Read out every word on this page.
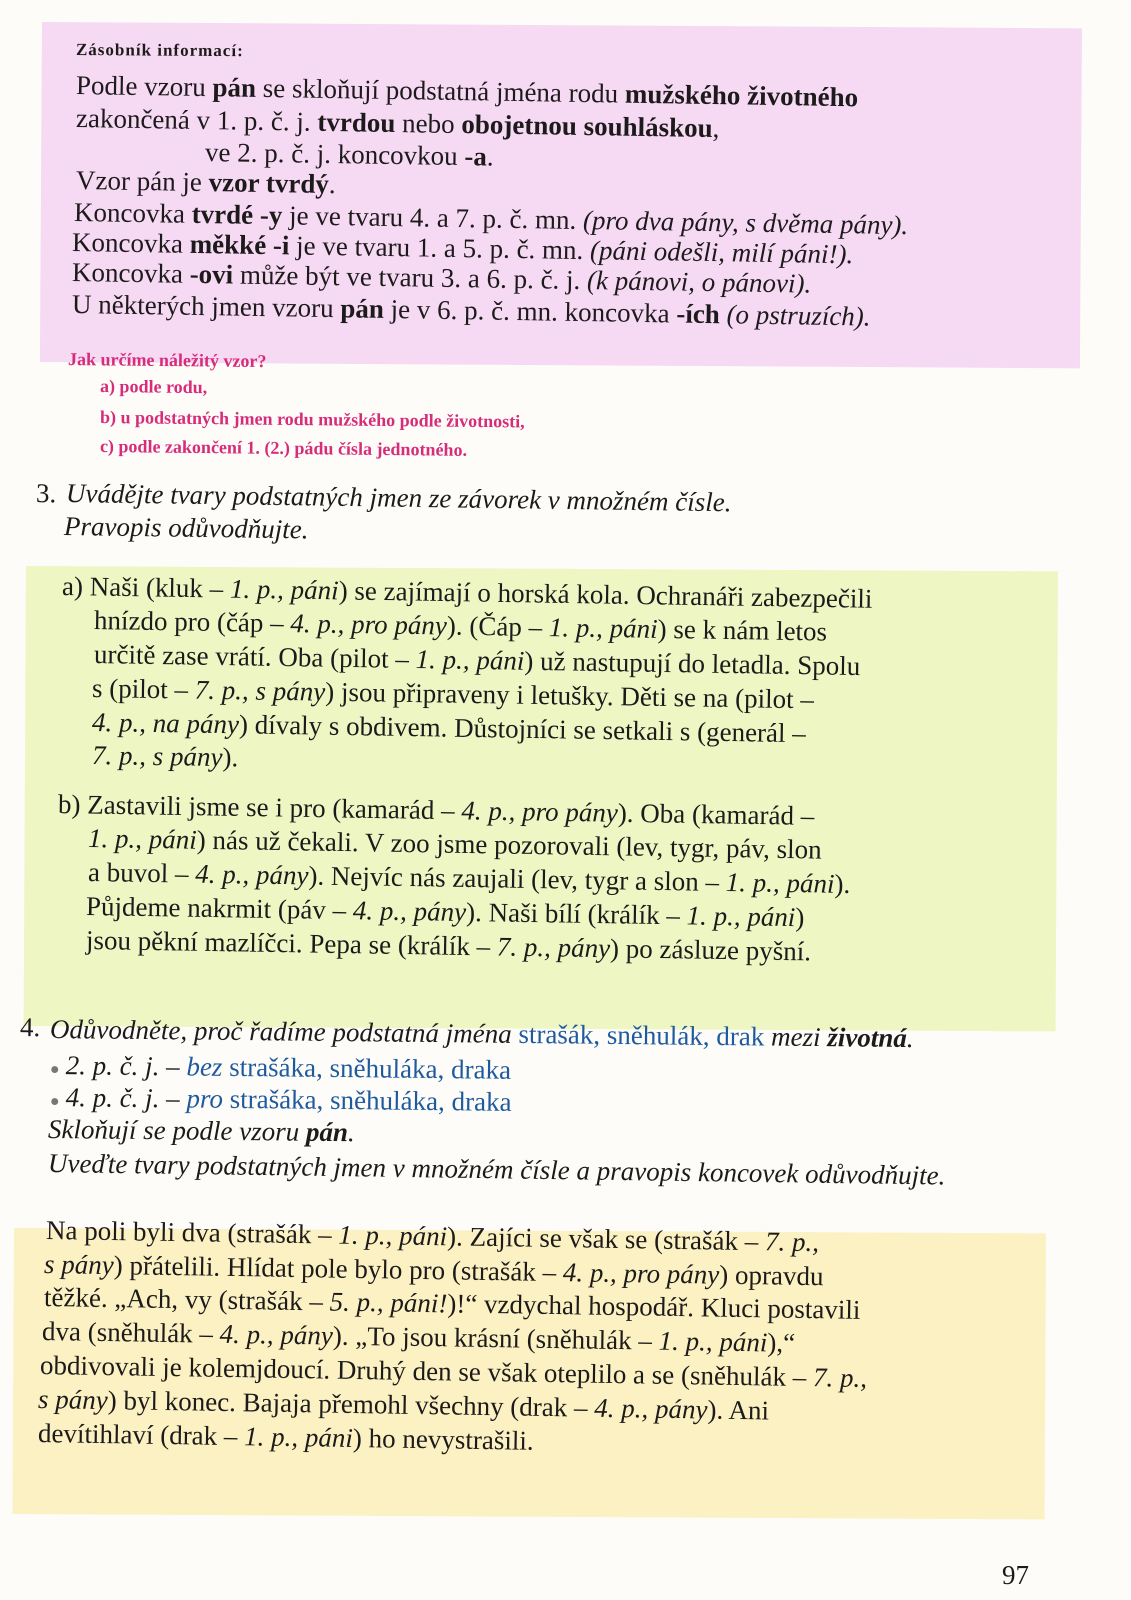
Zásobník informací:
Podle vzoru pán se skloňují podstatná jména rodu mužského životného
zakončená v 1. p. č. j. tvrdou nebo obojetnou souhláskou,
ve 2. p. č. j. koncovkou -a.
Vzor pán je vzor tvrdý.
Koncovka tvrdé -y je ve tvaru 4. a 7. p. č. mn. (pro dva pány, s dvěma pány).
Koncovka měkké -i je ve tvaru 1. a 5. p. č. mn. (páni odešli, milí páni!).
Koncovka -ovi může být ve tvaru 3. a 6. p. č. j. (k pánovi, o pánovi).
U některých jmen vzoru pán je v 6. p. č. mn. koncovka -ích (o pstruzích).
Jak určíme náležitý vzor?
a) podle rodu,
b) u podstatných jmen rodu mužského podle životnosti,
c) podle zakončení 1. (2.) pádu čísla jednotného.
3. Uvádějte tvary podstatných jmen ze závorek v množném čísle.
Pravopis odůvodňujte.
a) Naši (kluk – 1. p., páni) se zajímají o horská kola. Ochranáři zabezpečili
hnízdo pro (čáp – 4. p., pro pány). (Čáp – 1. p., páni) se k nám letos
určitě zase vrátí. Oba (pilot – 1. p., páni) už nastupují do letadla. Spolu
s (pilot – 7. p., s pány) jsou připraveny i letušky. Děti se na (pilot –
4. p., na pány) dívaly s obdivem. Důstojníci se setkali s (generál –
7. p., s pány).
b) Zastavili jsme se i pro (kamarád – 4. p., pro pány). Oba (kamarád –
1. p., páni) nás už čekali. V zoo jsme pozorovali (lev, tygr, páv, slon
a buvol – 4. p., pány). Nejvíc nás zaujali (lev, tygr a slon – 1. p., páni).
Půjdeme nakrmit (páv – 4. p., pány). Naši bílí (králík – 1. p., páni)
jsou pěkní mazlíčci. Pepa se (králík – 7. p., pány) po zásluze pyšní.
4. Odůvodněte, proč řadíme podstatná jména strašák, sněhulák, drak mezi životná.
● 2. p. č. j. – bez strašáka, sněhuláka, draka
● 4. p. č. j. – pro strašáka, sněhuláka, draka
Skloňují se podle vzoru pán.
Uveďte tvary podstatných jmen v množném čísle a pravopis koncovek odůvodňujte.
Na poli byli dva (strašák – 1. p., páni). Zajíci se však se (strašák – 7. p.,
s pány) přátelili. Hlídat pole bylo pro (strašák – 4. p., pro pány) opravdu
těžké. „Ach, vy (strašák – 5. p., páni!)!“ vzdychal hospodář. Kluci postavili
dva (sněhulák – 4. p., pány). „To jsou krásní (sněhulák – 1. p., páni),“
obdivovali je kolemjdoucí. Druhý den se však oteplilo a se (sněhulák – 7. p.,
s pány) byl konec. Bajaja přemohl všechny (drak – 4. p., pány). Ani
devítihlaví (drak – 1. p., páni) ho nevystrašili.
97
